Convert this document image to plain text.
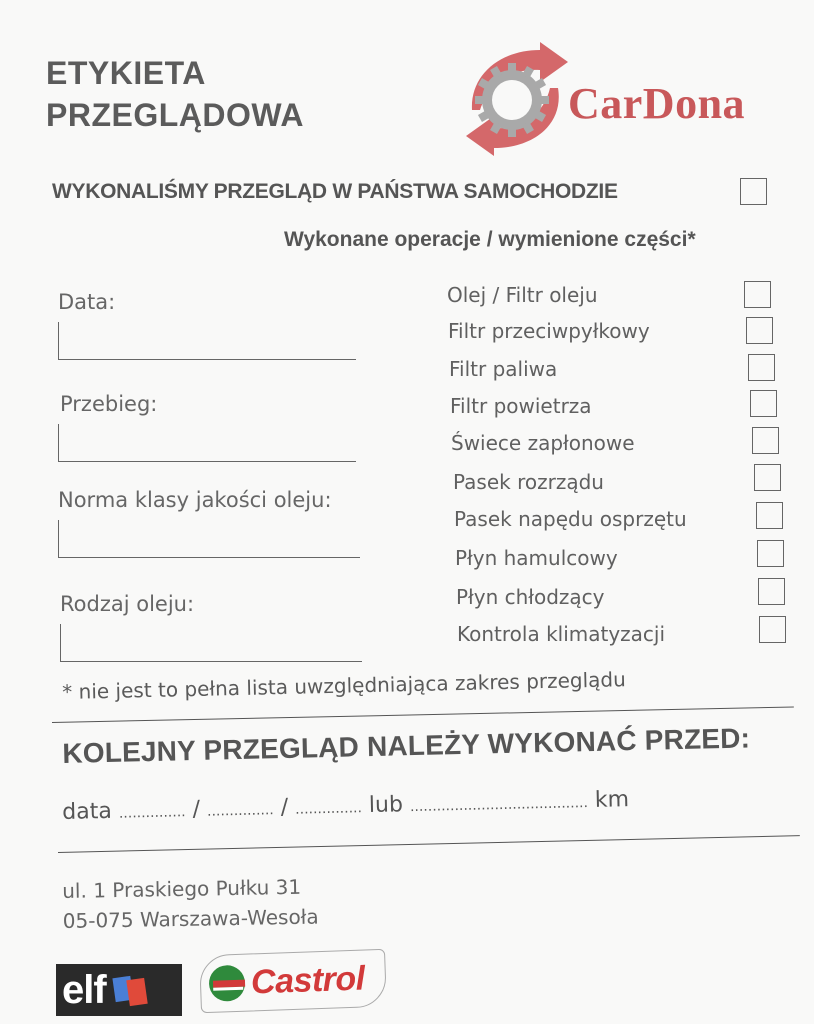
ETYKIETA
PRZEGLĄDOWA	CarDona
WYKONALIŚMY PRZEGLĄD W PAŃSTWA SAMOCHODZIE
Wykonane operacje / wymienione części*
Data:
Przebieg:
Norma klasy jakości oleju:
Rodzaj oleju:
Olej / Filtr oleju
Filtr przeciwpyłkowy
Filtr paliwa
Filtr powietrza
Świece zapłonowe
Pasek rozrządu
Pasek napędu osprzętu
Płyn hamulcowy
Płyn chłodzący
Kontrola klimatyzacji
* nie jest to pełna lista uwzględniająca zakres przeglądu
KOLEJNY PRZEGLĄD NALEŻY WYKONAĆ PRZED:
data ............... / ............... / ............... lub ........................................ km
ul. 1 Praskiego Pułku 31
05-075 Warszawa-Wesoła
elf	Castrol
